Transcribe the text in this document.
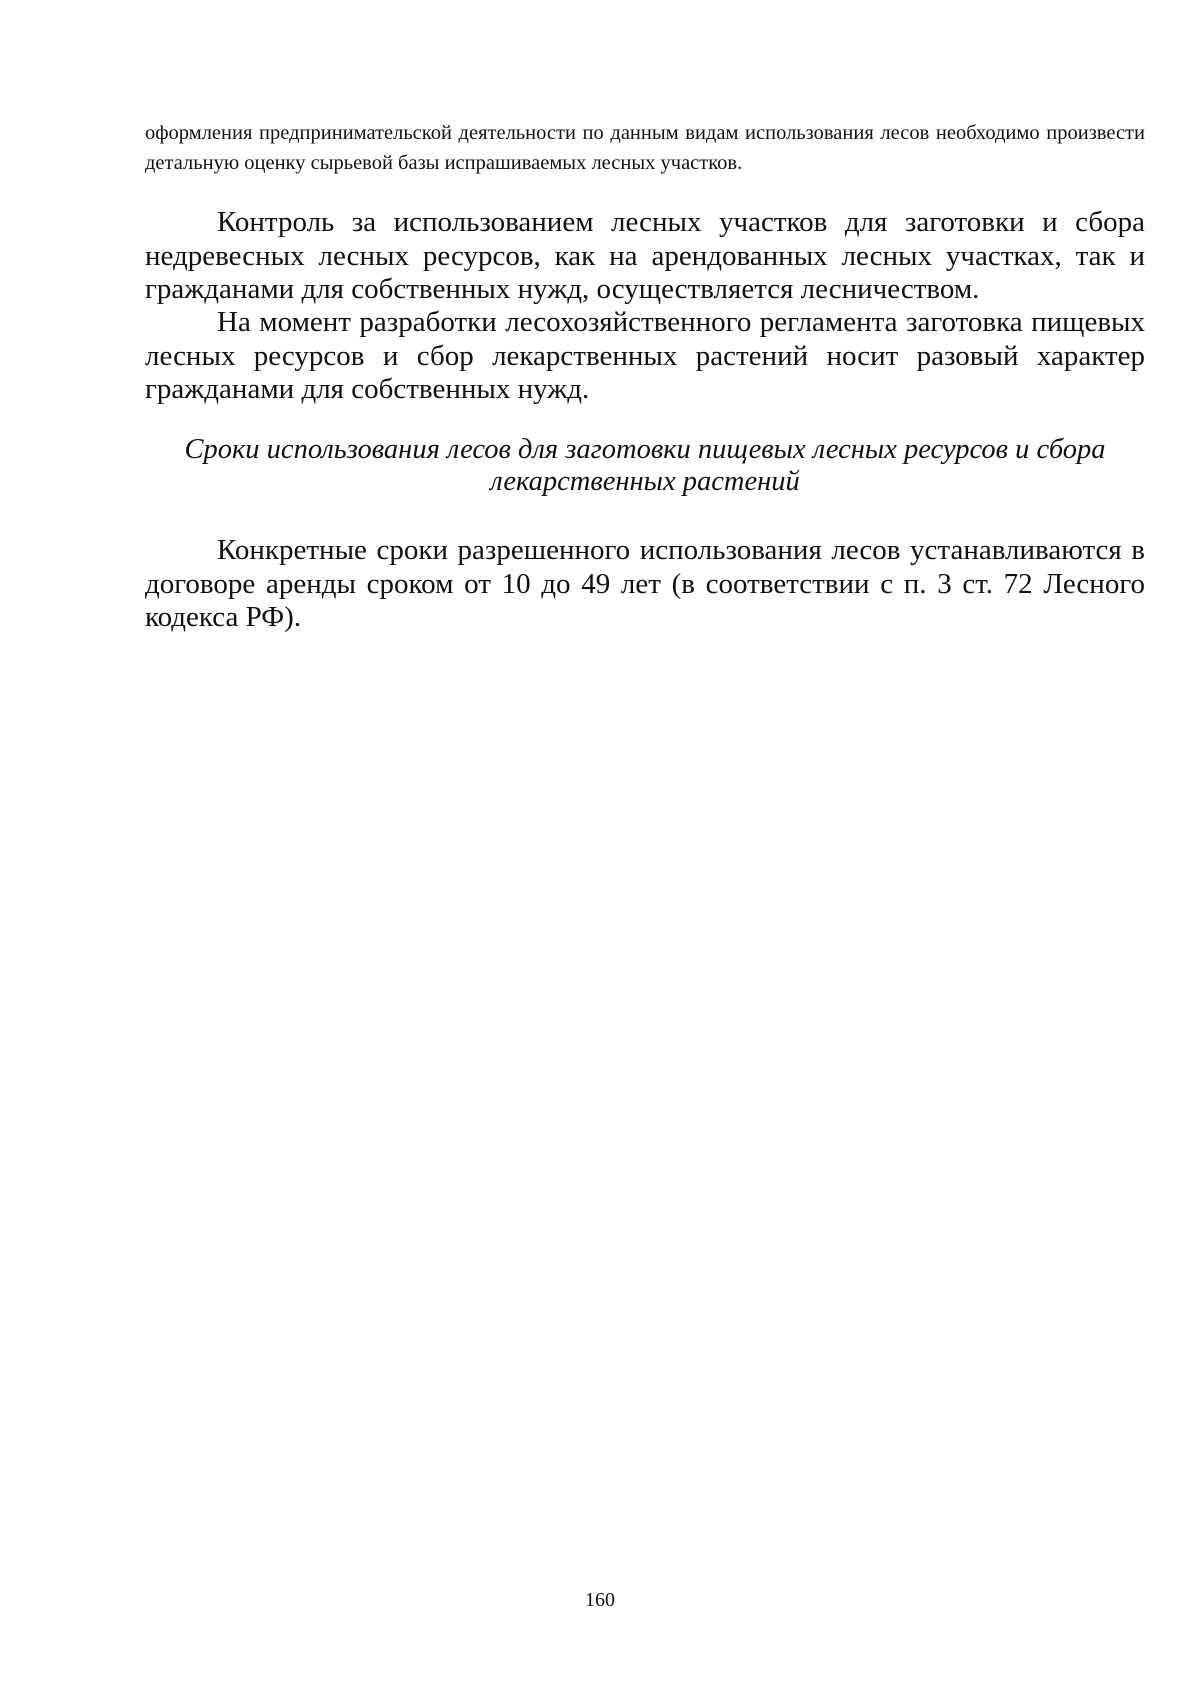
оформления предпринимательской деятельности по данным видам использования лесов необходимо произвести детальную оценку сырьевой базы испрашиваемых лесных участков.

Контроль за использованием лесных участков для заготовки и сбора недревесных лесных ресурсов, как на арендованных лесных участках, так и гражданами для собственных нужд, осуществляется лесничеством.

На момент разработки лесохозяйственного регламента заготовка пищевых лесных ресурсов и сбор лекарственных растений носит разовый характер гражданами для собственных нужд.

Сроки использования лесов для заготовки пищевых лесных ресурсов и сбора лекарственных растений

Конкретные сроки разрешенного использования лесов устанавливаются в договоре аренды сроком от 10 до 49 лет (в соответствии с п. 3 ст. 72 Лесного кодекса РФ).

160
